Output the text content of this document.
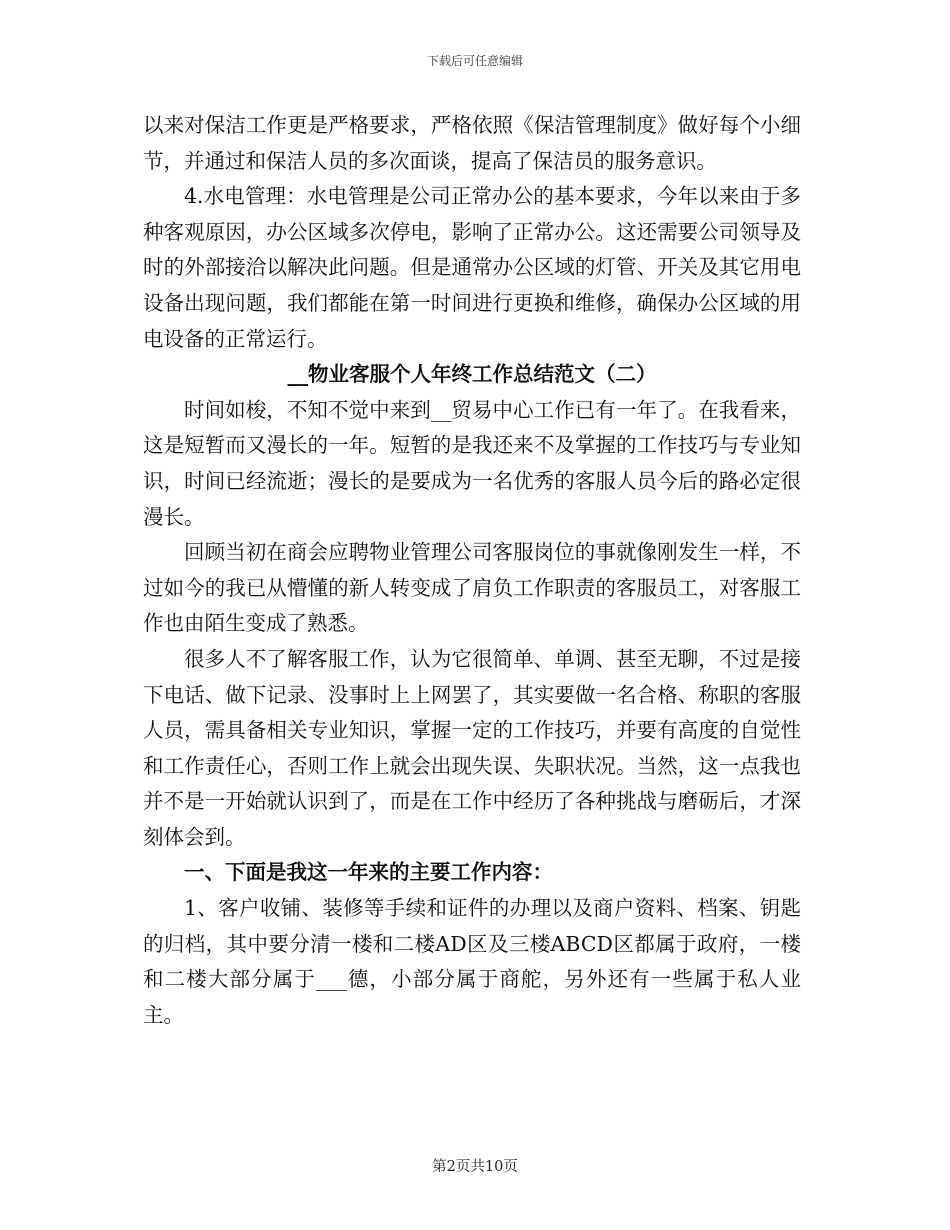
下载后可任意编辑

以来对保洁工作更是严格要求，严格依照《保洁管理制度》做好每个小细节，并通过和保洁人员的多次面谈，提高了保洁员的服务意识。

4.水电管理：水电管理是公司正常办公的基本要求，今年以来由于多种客观原因，办公区域多次停电，影响了正常办公。这还需要公司领导及时的外部接洽以解决此问题。但是通常办公区域的灯管、开关及其它用电设备出现问题，我们都能在第一时间进行更换和维修，确保办公区域的用电设备的正常运行。

__物业客服个人年终工作总结范文（二）

时间如梭，不知不觉中来到__贸易中心工作已有一年了。在我看来，这是短暂而又漫长的一年。短暂的是我还来不及掌握的工作技巧与专业知识，时间已经流逝；漫长的是要成为一名优秀的客服人员今后的路必定很漫长。

回顾当初在商会应聘物业管理公司客服岗位的事就像刚发生一样，不过如今的我已从懵懂的新人转变成了肩负工作职责的客服员工，对客服工作也由陌生变成了熟悉。

很多人不了解客服工作，认为它很简单、单调、甚至无聊，不过是接下电话、做下记录、没事时上上网罢了，其实要做一名合格、称职的客服人员，需具备相关专业知识，掌握一定的工作技巧，并要有高度的自觉性和工作责任心，否则工作上就会出现失误、失职状况。当然，这一点我也并不是一开始就认识到了，而是在工作中经历了各种挑战与磨砺后，才深刻体会到。

一、下面是我这一年来的主要工作内容：

1、客户收铺、装修等手续和证件的办理以及商户资料、档案、钥匙的归档，其中要分清一楼和二楼AD区及三楼ABCD区都属于政府，一楼和二楼大部分属于___德，小部分属于商舵，另外还有一些属于私人业主。

第2页共10页
